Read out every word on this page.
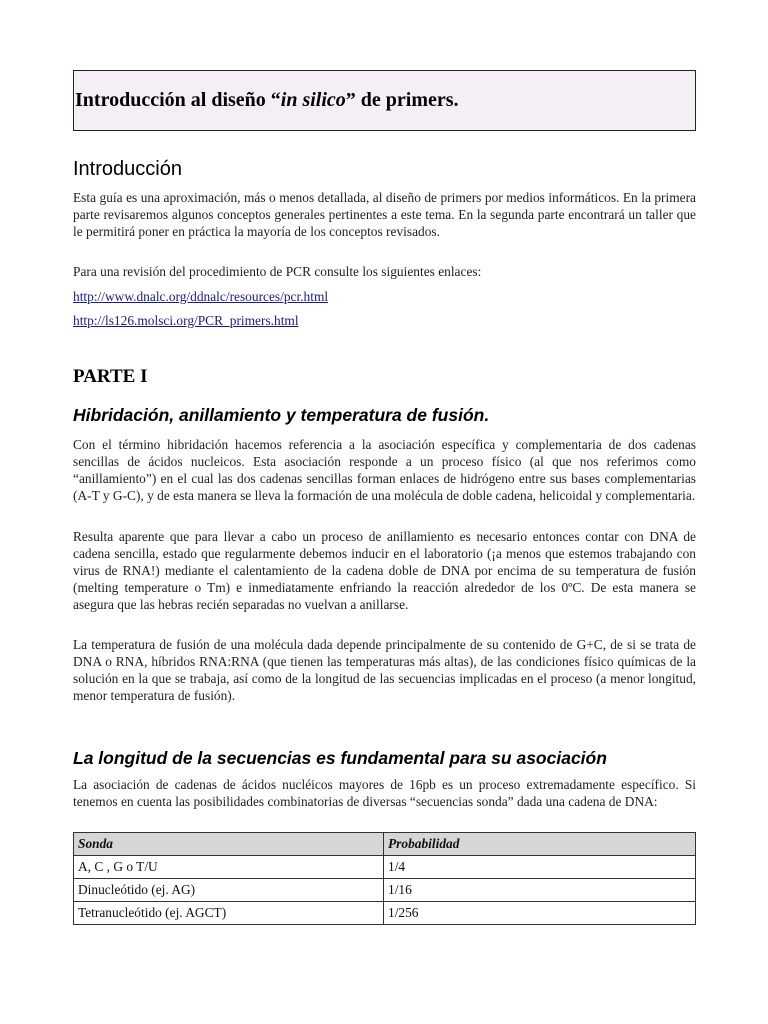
Introducción al diseño “in silico” de primers.
Introducción

Esta guía es una aproximación, más o menos detallada, al diseño de primers por medios informáticos. En la primera parte revisaremos algunos conceptos generales pertinentes a este tema. En la segunda parte encontrará un taller que le permitirá poner en práctica la mayoría de los conceptos revisados.

Para una revisión del procedimiento de PCR consulte los siguientes enlaces:

http://www.dnalc.org/ddnalc/resources/pcr.html
http://ls126.molsci.org/PCR_primers.html
PARTE I
Hibridación, anillamiento y temperatura de fusión.

Con el término hibridación hacemos referencia a la asociación específica y complementaria de dos cadenas sencillas de ácidos nucleicos. Esta asociación responde a un proceso físico (al que nos referimos como “anillamiento”) en el cual las dos cadenas sencillas forman enlaces de hidrógeno entre sus bases complementarias (A-T y G-C), y de esta manera se lleva la formación de una molécula de doble cadena, helicoidal y complementaria.

Resulta aparente que para llevar a cabo un proceso de anillamiento es necesario entonces contar con DNA de cadena sencilla, estado que regularmente debemos inducir en el laboratorio (¡a menos que estemos trabajando con virus de RNA!) mediante el calentamiento de la cadena doble de DNA por encima de su temperatura de fusión (melting temperature o Tm) e inmediatamente enfriando la reacción alrededor de los 0ºC. De esta manera se asegura que las hebras recién separadas no vuelvan a anillarse.

La temperatura de fusión de una molécula dada depende principalmente de su contenido de G+C, de si se trata de DNA o RNA, híbridos RNA:RNA (que tienen las temperaturas más altas), de las condiciones físico químicas de la solución en la que se trabaja, así como de la longitud de las secuencias implicadas en el proceso (a menor longitud, menor temperatura de fusión).

La longitud de la secuencias es fundamental para su asociación

La asociación de cadenas de ácidos nucléicos mayores de 16pb es un proceso extremadamente específico. Si tenemos en cuenta las posibilidades combinatorias de diversas “secuencias sonda” dada una cadena de DNA:

Sonda	Probabilidad
A, C , G o T/U	1/4
Dinucleótido (ej. AG)	1/16
Tetranucleótido (ej. AGCT)	1/256
